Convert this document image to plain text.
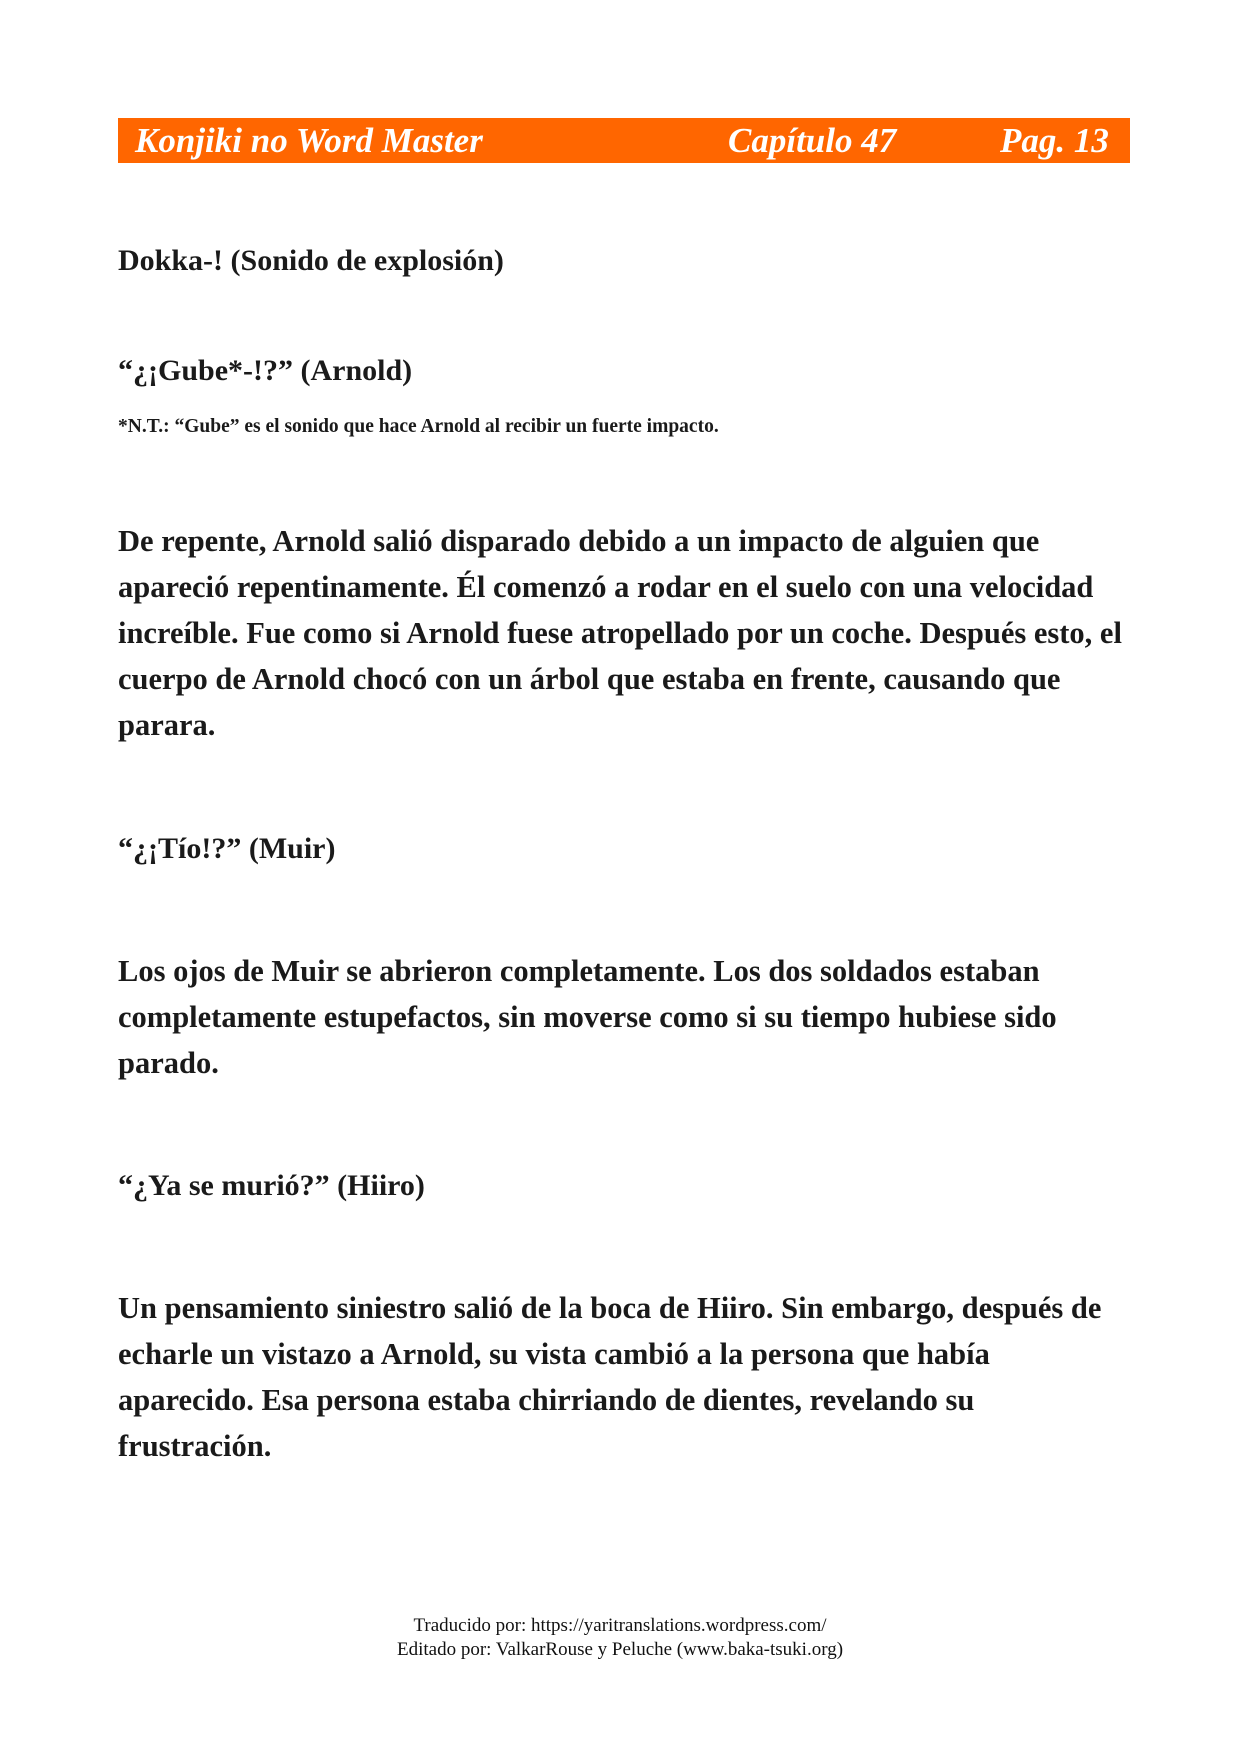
Konjiki no Word Master	Capítulo 47	Pag. 13

Dokka-! (Sonido de explosión)

“¿¡Gube*-!?” (Arnold)

*N.T.: “Gube” es el sonido que hace Arnold al recibir un fuerte impacto.

De repente, Arnold salió disparado debido a un impacto de alguien que apareció repentinamente. Él comenzó a rodar en el suelo con una velocidad increíble. Fue como si Arnold fuese atropellado por un coche. Después esto, el cuerpo de Arnold chocó con un árbol que estaba en frente, causando que parara.

“¿¡Tío!?” (Muir)

Los ojos de Muir se abrieron completamente. Los dos soldados estaban completamente estupefactos, sin moverse como si su tiempo hubiese sido parado.

“¿Ya se murió?” (Hiiro)

Un pensamiento siniestro salió de la boca de Hiiro. Sin embargo, después de echarle un vistazo a Arnold, su vista cambió a la persona que había aparecido. Esa persona estaba chirriando de dientes, revelando su frustración.

Traducido por: https://yaritranslations.wordpress.com/
Editado por: ValkarRouse y Peluche (www.baka-tsuki.org)
